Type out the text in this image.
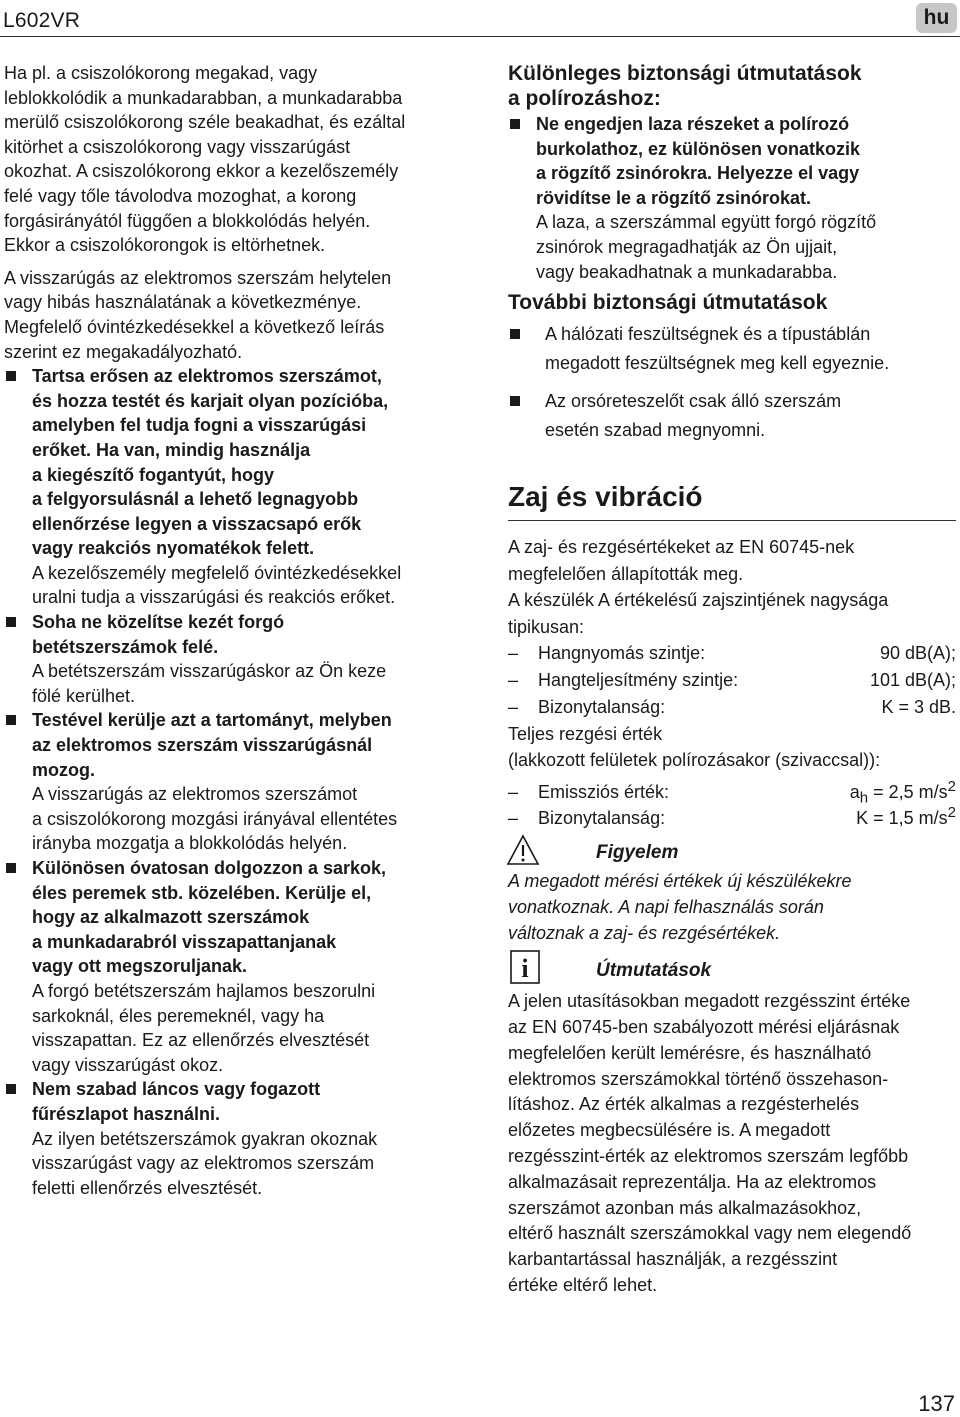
L602VR	hu

Ha pl. a csiszolókorong megakad, vagy

leblokkolódik a munkadarabban, a munkadarabba

merülő csiszolókorong széle beakadhat, és ezáltal

kitörhet a csiszolókorong vagy visszarúgást

okozhat. A csiszolókorong ekkor a kezelőszemély

felé vagy tőle távolodva mozoghat, a korong

forgásirányától függően a blokkolódás helyén.

Ekkor a csiszolókorongok is eltörhetnek.

A visszarúgás az elektromos szerszám helytelen

vagy hibás használatának a következménye.

Megfelelő óvintézkedésekkel a következő leírás

szerint ez megakadályozható.

Tartsa erősen az elektromos szerszámot,

és hozza testét és karjait olyan pozícióba,

amelyben fel tudja fogni a visszarúgási

erőket. Ha van, mindig használja

a kiegészítő fogantyút, hogy

a felgyorsulásnál a lehető legnagyobb

ellenőrzése legyen a visszacsapó erők

vagy reakciós nyomatékok felett.

A kezelőszemély megfelelő óvintézkedésekkel

uralni tudja a visszarúgási és reakciós erőket.

Soha ne közelítse kezét forgó

betétszerszámok felé.

A betétszerszám visszarúgáskor az Ön keze

fölé kerülhet.

Testével kerülje azt a tartományt, melyben

az elektromos szerszám visszarúgásnál

mozog.

A visszarúgás az elektromos szerszámot

a csiszolókorong mozgási irányával ellentétes

irányba mozgatja a blokkolódás helyén.

Különösen óvatosan dolgozzon a sarkok,

éles peremek stb. közelében. Kerülje el,

hogy az alkalmazott szerszámok

a munkadarabról visszapattanjanak

vagy ott megszoruljanak.

A forgó betétszerszám hajlamos beszorulni

sarkoknál, éles peremeknél, vagy ha

visszapattan. Ez az ellenőrzés elvesztését

vagy visszarúgást okoz.

Nem szabad láncos vagy fogazott

fűrészlapot használni.

Az ilyen betétszerszámok gyakran okoznak

visszarúgást vagy az elektromos szerszám

feletti ellenőrzés elvesztését.

Különleges biztonsági útmutatások

a polírozáshoz:

Ne engedjen laza részeket a polírozó

burkolathoz, ez különösen vonatkozik

a rögzítő zsinórokra. Helyezze el vagy

rövidítse le a rögzítő zsinórokat.

A laza, a szerszámmal együtt forgó rögzítő

zsinórok megragadhatják az Ön ujjait,

vagy beakadhatnak a munkadarabba.

További biztonsági útmutatások

A hálózati feszültségnek és a típustáblán

megadott feszültségnek meg kell egyeznie.

Az orsóreteszelőt csak álló szerszám

esetén szabad megnyomni.

Zaj és vibráció

A zaj- és rezgésértékeket az EN 60745-nek

megfelelően állapították meg.

A készülék A értékelésű zajszintjének nagysága

tipikusan:

–	Hangnyomás szintje:	90 dB(A);
–	Hangteljesítmény szintje:	101 dB(A);
–	Bizonytalanság:	K = 3 dB.

Teljes rezgési érték

(lakkozott felületek polírozásakor (szivaccsal)):

–	Emissziós érték:	$a_h = 2,5$ $m/s^2$
–	Bizonytalanság:	K = 1,5 $m/s^2$
Figyelem

A megadott mérési értékek új készülékekre

vonatkoznak. A napi felhasználás során

változnak a zaj- és rezgésértékek.

i	Útmutatások

A jelen utasításokban megadott rezgésszint értéke

az EN 60745-ben szabályozott mérési eljárásnak

megfelelően került lemérésre, és használható

elektromos szerszámokkal történő összehason-

lításhoz. Az érték alkalmas a rezgésterhelés

előzetes megbecsülésére is. A megadott

rezgésszint-érték az elektromos szerszám legfőbb

alkalmazásait reprezentálja. Ha az elektromos

szerszámot azonban más alkalmazásokhoz,

eltérő használt szerszámokkal vagy nem elegendő

karbantartással használják, a rezgésszint

értéke eltérő lehet.

137
